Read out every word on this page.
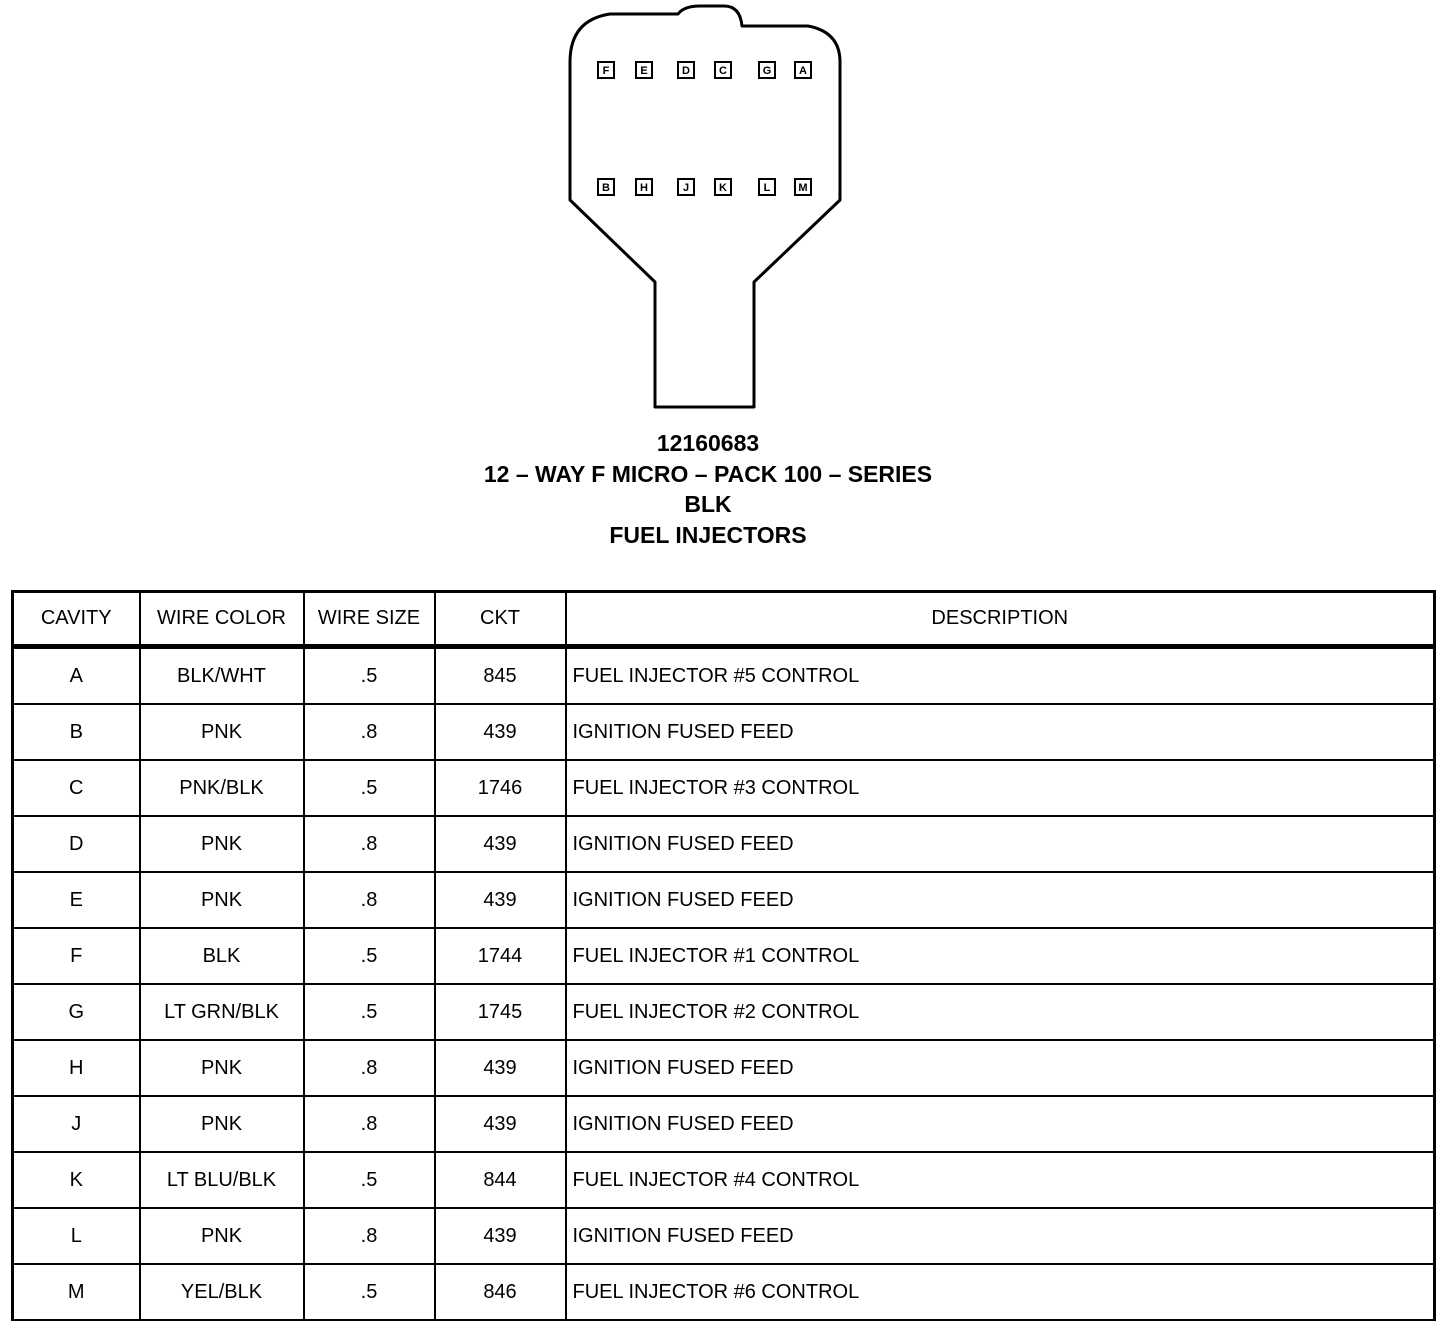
F	E	D	C	G	A
B	H	J	K	L	M
12160683
12 – WAY F MICRO – PACK 100 – SERIES
BLK
FUEL INJECTORS
CAVITY	WIRE COLOR	WIRE SIZE	CKT	DESCRIPTION
A	BLK/WHT	.5	845	FUEL INJECTOR #5 CONTROL
B	PNK	.8	439	IGNITION FUSED FEED
C	PNK/BLK	.5	1746	FUEL INJECTOR #3 CONTROL
D	PNK	.8	439	IGNITION FUSED FEED
E	PNK	.8	439	IGNITION FUSED FEED
F	BLK	.5	1744	FUEL INJECTOR #1 CONTROL
G	LT GRN/BLK	.5	1745	FUEL INJECTOR #2 CONTROL
H	PNK	.8	439	IGNITION FUSED FEED
J	PNK	.8	439	IGNITION FUSED FEED
K	LT BLU/BLK	.5	844	FUEL INJECTOR #4 CONTROL
L	PNK	.8	439	IGNITION FUSED FEED
M	YEL/BLK	.5	846	FUEL INJECTOR #6 CONTROL
